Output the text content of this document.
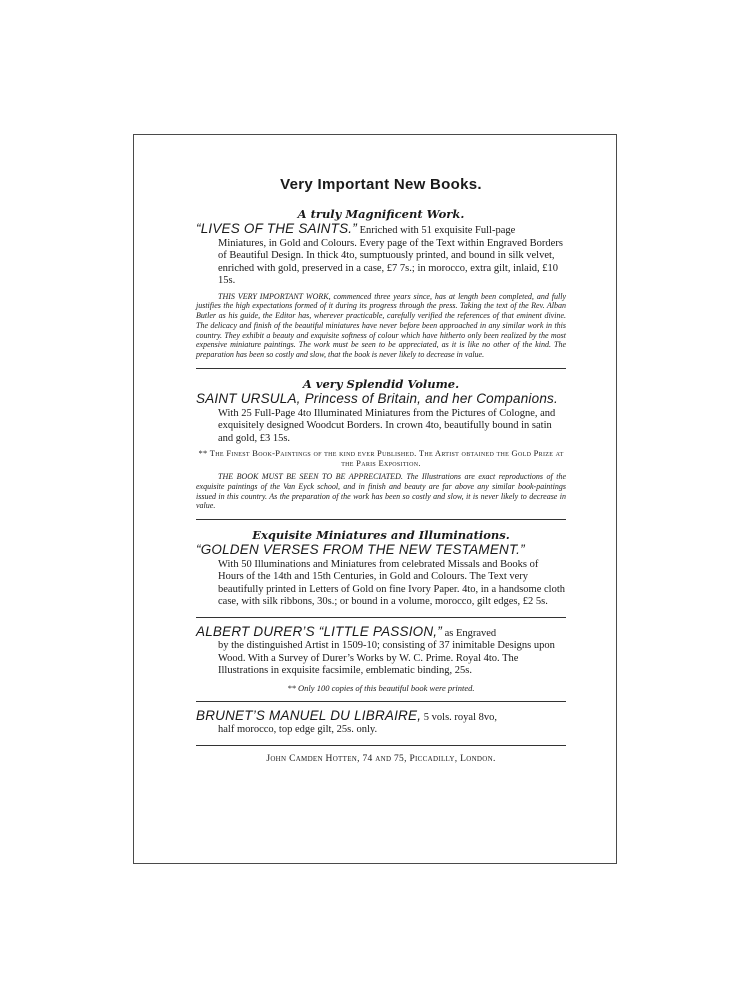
Very Important New Books.

A truly Magnificent Work.

“LIVES OF THE SAINTS.” Enriched with 51 exquisite Full-page Miniatures, in Gold and Colours. Every page of the Text within Engraved Borders of Beautiful Design. In thick 4to, sumptuously printed, and bound in silk velvet, enriched with gold, preserved in a case, £7 7s.; in morocco, extra gilt, inlaid, £10 15s.

THIS VERY IMPORTANT WORK, commenced three years since, has at length been completed, and fully justifies the high expectations formed of it during its progress through the press. Taking the text of the Rev. Alban Butler as his guide, the Editor has, wherever practicable, carefully verified the references of that eminent divine. The delicacy and finish of the beautiful miniatures have never before been approached in any similar work in this country. They exhibit a beauty and exquisite softness of colour which have hitherto only been realized by the most expensive miniature paintings. The work must be seen to be appreciated, as it is like no other of the kind. The preparation has been so costly and slow, that the book is never likely to decrease in value.

A very Splendid Volume.

SAINT URSULA, Princess of Britain, and her Companions.

With 25 Full-Page 4to Illuminated Miniatures from the Pictures of Cologne, and exquisitely designed Woodcut Borders. In crown 4to, beautifully bound in satin and gold, £3 15s.

** The Finest Book-Paintings of the kind ever Published. The Artist obtained the Gold Prize at the Paris Exposition.

THE BOOK MUST BE SEEN TO BE APPRECIATED. The Illustrations are exact reproductions of the exquisite paintings of the Van Eyck school, and in finish and beauty are far above any similar book-paintings issued in this country. As the preparation of the work has been so costly and slow, it is never likely to decrease in value.

Exquisite Miniatures and Illuminations.

“GOLDEN VERSES FROM THE NEW TESTAMENT.”

With 50 Illuminations and Miniatures from celebrated Missals and Books of Hours of the 14th and 15th Centuries, in Gold and Colours. The Text very beautifully printed in Letters of Gold on fine Ivory Paper. 4to, in a handsome cloth case, with silk ribbons, 30s.; or bound in a volume, morocco, gilt edges, £2 5s.

ALBERT DURER’S “LITTLE PASSION,” as Engraved

by the distinguished Artist in 1509-10; consisting of 37 inimitable Designs upon Wood. With a Survey of Durer’s Works by W. C. Prime. Royal 4to. The Illustrations in exquisite facsimile, emblematic binding, 25s.

** Only 100 copies of this beautiful book were printed.

BRUNET’S MANUEL DU LIBRAIRE, 5 vols. royal 8vo,

half morocco, top edge gilt, 25s. only.

John Camden Hotten, 74 and 75, Piccadilly, London.
